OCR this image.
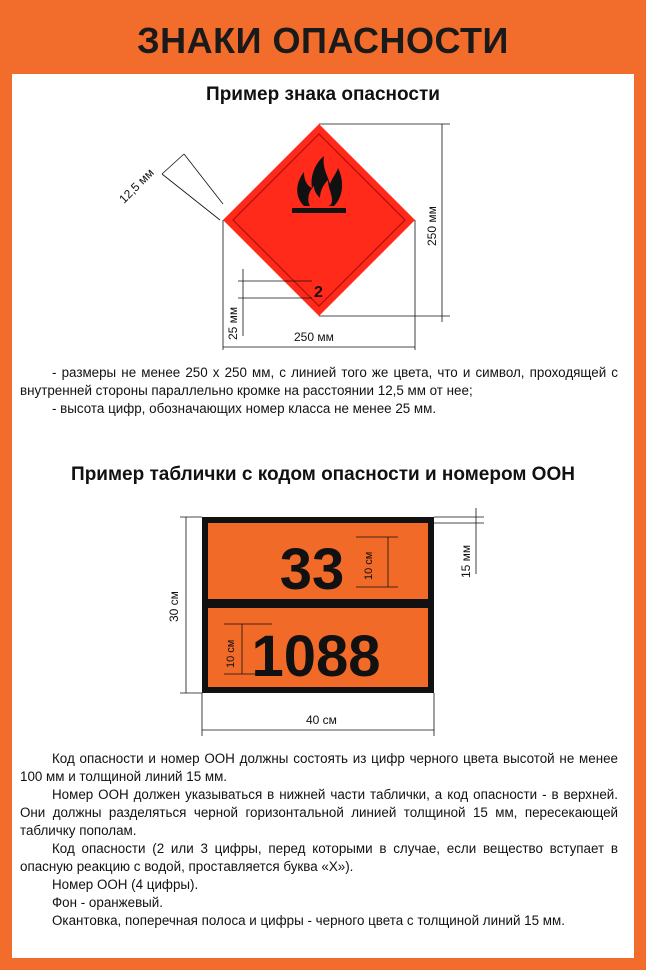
ЗНАКИ ОПАСНОСТИ
Пример знака опасности
2
12,5 мм
250 мм
250 мм
25 мм

- размеры не менее 250 x 250 мм, с линией того же цвета, что и символ, проходящей с внутренней стороны параллельно кромке на расстоянии 12,5 мм от нее;

- высота цифр, обозначающих номер класса не менее 25 мм.

Пример таблички с кодом опасности и номером ООН
33
1088
10 см
10 см
30 см
40 см
15 мм

Код опасности и номер ООН должны состоять из цифр черного цвета высотой не менее 100 мм и толщиной линий 15 мм.

Номер ООН должен указываться в нижней части таблички, а код опасности - в верхней. Они должны разделяться черной горизонтальной линией толщиной 15 мм, пересекающей табличку пополам.

Код опасности (2 или 3 цифры, перед которыми в случае, если вещество вступает в опасную реакцию с водой, проставляется буква «X»).

Номер ООН (4 цифры).

Фон - оранжевый.

Окантовка, поперечная полоса и цифры - черного цвета с толщиной линий 15 мм.
